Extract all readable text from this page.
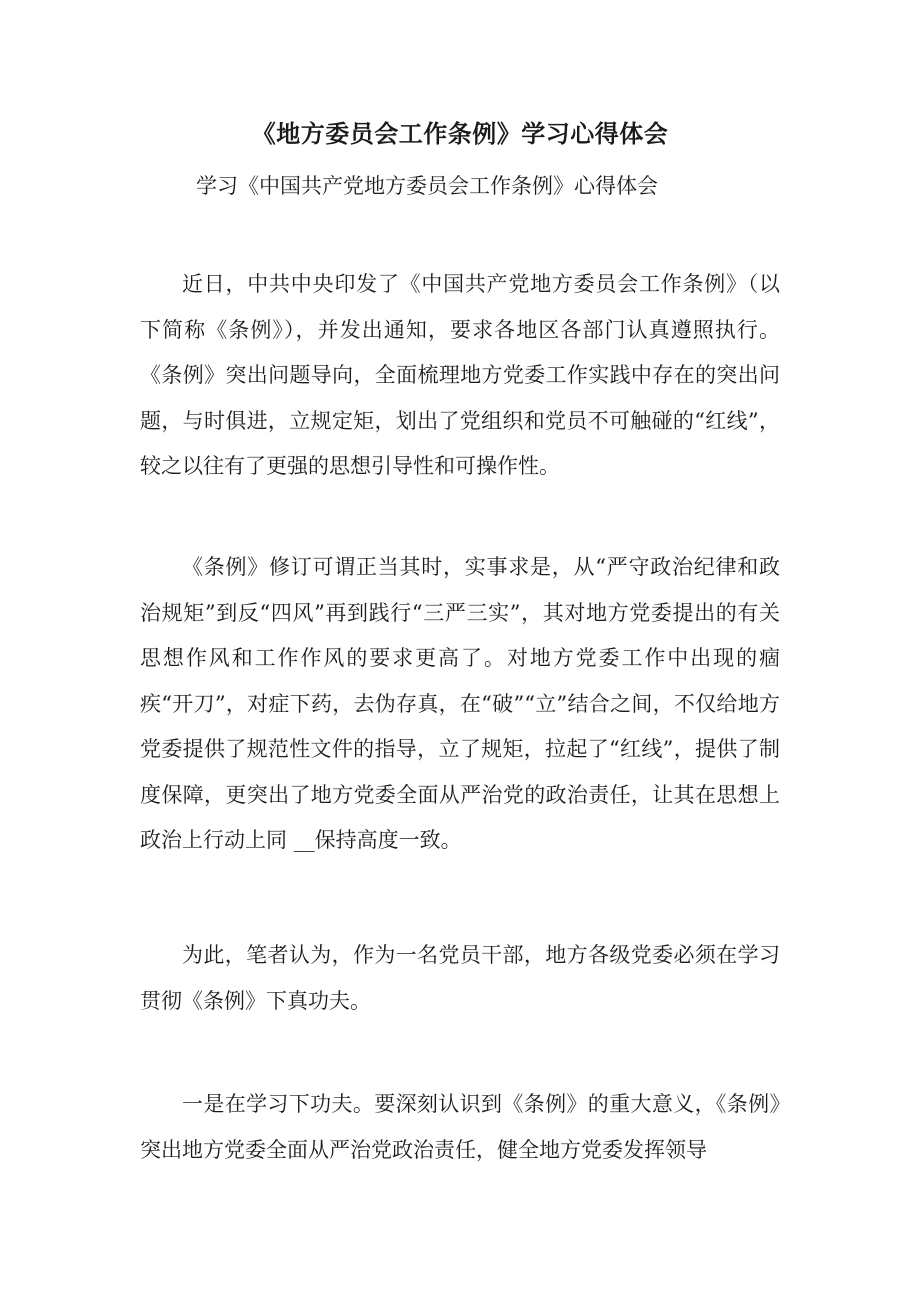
《地方委员会工作条例》学习心得体会

学习《中国共产党地方委员会工作条例》心得体会

近日，中共中央印发了《中国共产党地方委员会工作条例》（以下简称《条例》），并发出通知，要求各地区各部门认真遵照执行。《条例》突出问题导向，全面梳理地方党委工作实践中存在的突出问题，与时俱进，立规定矩，划出了党组织和党员不可触碰的“红线”，较之以往有了更强的思想引导性和可操作性。

《条例》修订可谓正当其时，实事求是，从“严守政治纪律和政治规矩”到反“四风”再到践行“三严三实”，其对地方党委提出的有关思想作风和工作作风的要求更高了。对地方党委工作中出现的痼疾“开刀”，对症下药，去伪存真，在“破”“立”结合之间，不仅给地方党委提供了规范性文件的指导，立了规矩，拉起了“红线”，提供了制度保障，更突出了地方党委全面从严治党的政治责任，让其在思想上政治上行动上同 __保持高度一致。

为此，笔者认为，作为一名党员干部，地方各级党委必须在学习贯彻《条例》下真功夫。

一是在学习下功夫。要深刻认识到《条例》的重大意义，《条例》突出地方党委全面从严治党政治责任，健全地方党委发挥领导
